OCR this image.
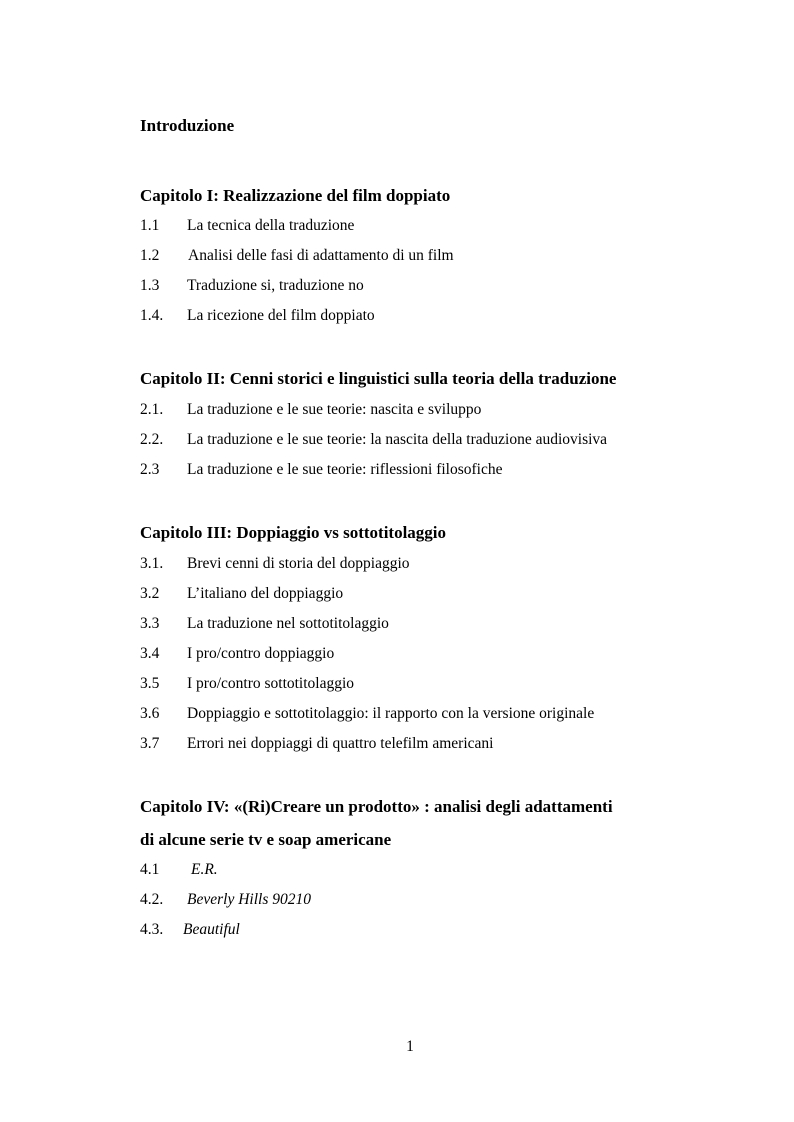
Introduzione
Capitolo I: Realizzazione del film doppiato
1.1 La tecnica della traduzione
1.2 Analisi delle fasi di adattamento di un film
1.3 Traduzione si, traduzione no
1.4. La ricezione del film doppiato
Capitolo II: Cenni storici e linguistici sulla teoria della traduzione
2.1. La traduzione e le sue teorie: nascita e sviluppo
2.2. La traduzione e le sue teorie: la nascita della traduzione audiovisiva
2.3 La traduzione e le sue teorie: riflessioni filosofiche
Capitolo III: Doppiaggio vs sottotitolaggio
3.1. Brevi cenni di storia del doppiaggio
3.2 L’italiano del doppiaggio
3.3 La traduzione nel sottotitolaggio
3.4 I pro/contro doppiaggio
3.5 I pro/contro sottotitolaggio
3.6 Doppiaggio e sottotitolaggio: il rapporto con la versione originale
3.7 Errori nei doppiaggi di quattro telefilm americani
Capitolo IV: «(Ri)Creare un prodotto» : analisi degli adattamenti
di alcune serie tv e soap americane
4.1 E.R.
4.2. Beverly Hills 90210
4.3. Beautiful
1
